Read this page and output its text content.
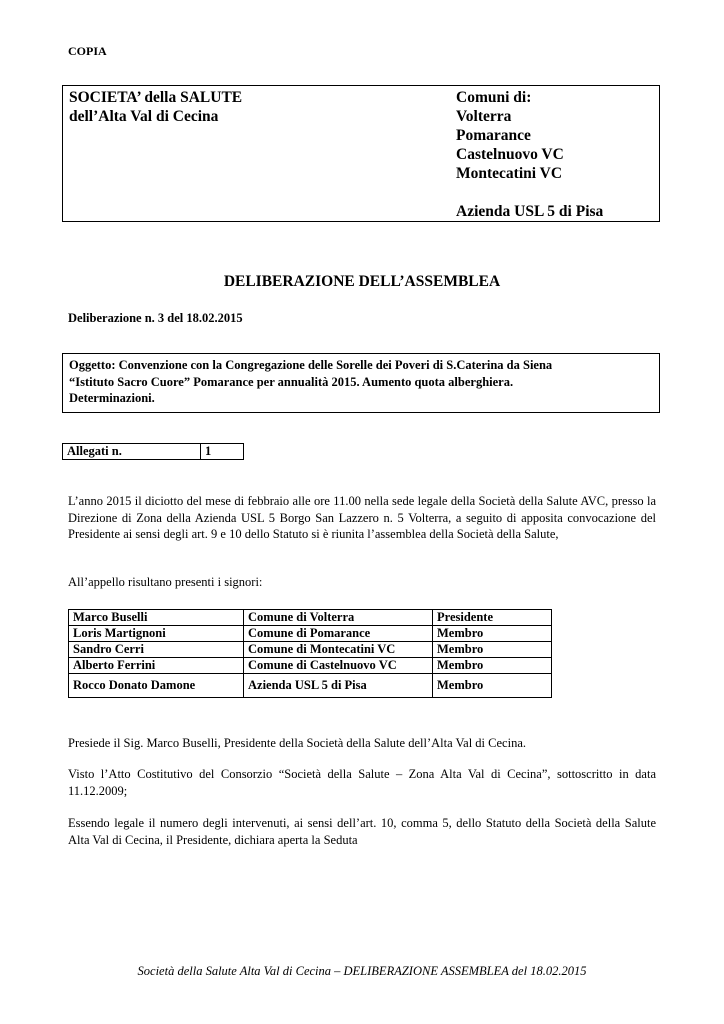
COPIA
SOCIETA’ della SALUTE
dell’Alta Val di Cecina
Comuni di:
Volterra
Pomarance
Castelnuovo VC
Montecatini VC
Azienda USL 5 di Pisa
DELIBERAZIONE DELL’ASSEMBLEA
Deliberazione n. 3 del 18.02.2015
Oggetto: Convenzione con la Congregazione delle Sorelle dei Poveri di S.Caterina da Siena
“Istituto Sacro Cuore” Pomarance per annualità 2015. Aumento quota alberghiera.
Determinazioni.
Allegati n.	1
L’anno 2015 il diciotto del mese di febbraio alle ore 11.00 nella sede legale della Società della Salute AVC, presso la Direzione di Zona della Azienda USL 5 Borgo San Lazzero n. 5 Volterra, a seguito di apposita convocazione del Presidente ai sensi degli art. 9 e 10 dello Statuto si è riunita l’assemblea della Società della Salute,
All’appello risultano presenti i signori:
Marco Buselli	Comune di Volterra	Presidente
Loris Martignoni	Comune di Pomarance	Membro
Sandro Cerri	Comune di Montecatini VC	Membro
Alberto Ferrini	Comune di Castelnuovo VC	Membro
Rocco Donato Damone	Azienda USL 5 di Pisa	Membro
Presiede il Sig. Marco Buselli, Presidente della Società della Salute dell’Alta Val di Cecina.
Visto l’Atto Costitutivo del Consorzio “Società della Salute – Zona Alta Val di Cecina”, sottoscritto in data 11.12.2009;
Essendo legale il numero degli intervenuti, ai sensi dell’art. 10, comma 5, dello Statuto della Società della Salute Alta Val di Cecina, il Presidente, dichiara aperta la Seduta
Società della Salute Alta Val di Cecina – DELIBERAZIONE ASSEMBLEA del 18.02.2015
